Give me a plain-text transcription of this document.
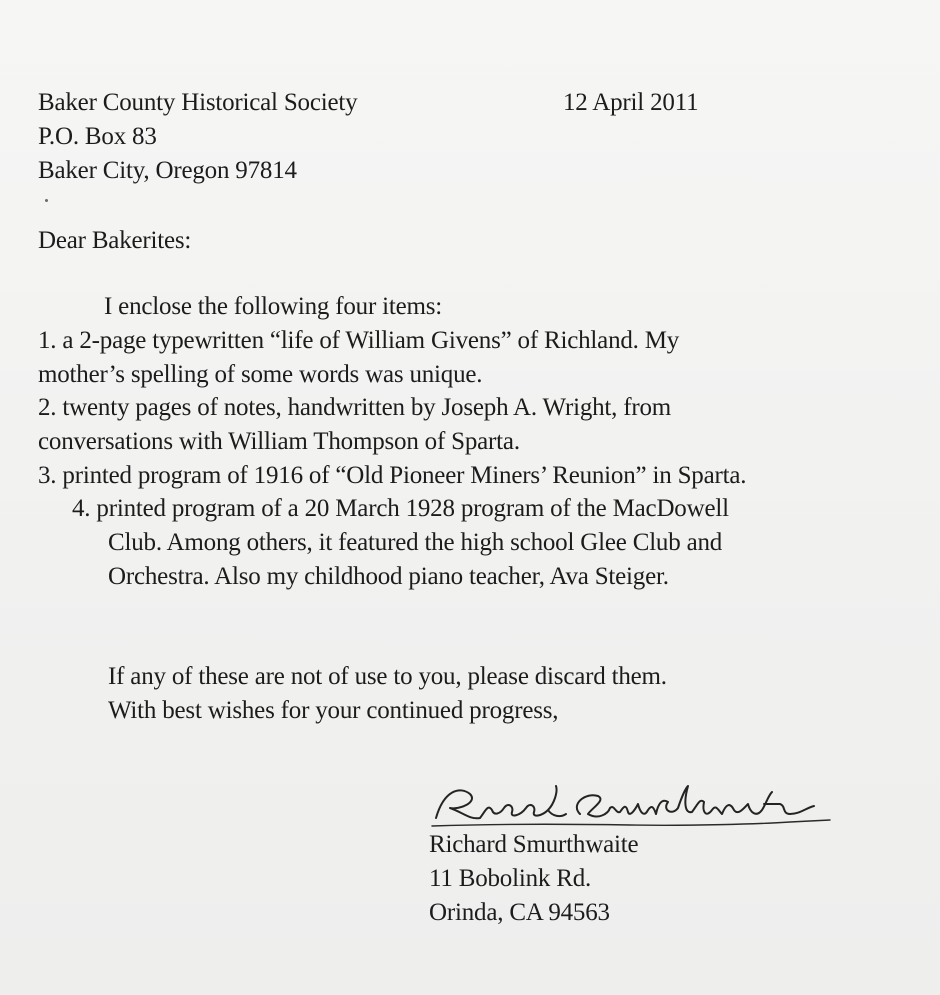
Baker County Historical Society	12 April 2011
P.O. Box 83
Baker City, Oregon 97814
Dear Bakerites:
I enclose the following four items:
1. a 2-page typewritten “life of William Givens” of Richland. My
mother’s spelling of some words was unique.
2. twenty pages of notes, handwritten by Joseph A. Wright, from
conversations with William Thompson of Sparta.
3. printed program of 1916 of “Old Pioneer Miners’ Reunion” in Sparta.
4. printed program of a 20 March 1928 program of the MacDowell
Club. Among others, it featured the high school Glee Club and
Orchestra. Also my childhood piano teacher, Ava Steiger.
If any of these are not of use to you, please discard them.
With best wishes for your continued progress,
Richard Smurthwaite
11 Bobolink Rd.
Orinda, CA 94563
